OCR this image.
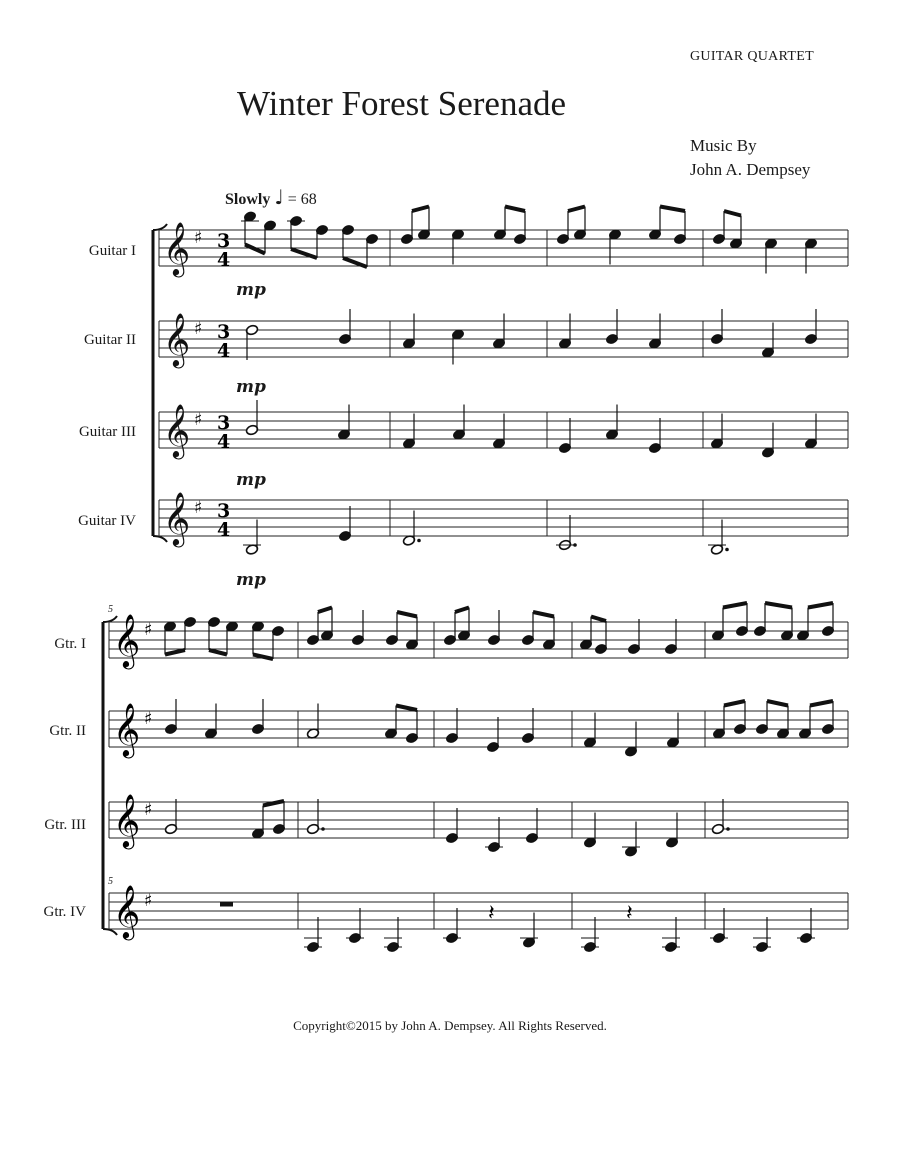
GUITAR QUARTET
Winter Forest Serenade
Music By
John A. Dempsey
Slowly ♩ = 68
Guitar I
Guitar II
Guitar III
Guitar IV
mp
mp
mp
mp
Gtr. I
Gtr. II
Gtr. III
Gtr. IV
5
5
Copyright©2015 by John A. Dempsey. All Rights Reserved.
𝄞 ♯ 3
4
𝄞 ♯ 3
4
𝄞 ♯ 3
4
𝄞 ♯ 3
4
𝄞 ♯
𝄞 ♯
𝄞 ♯
𝄞 ♯	𝄽	𝄽
